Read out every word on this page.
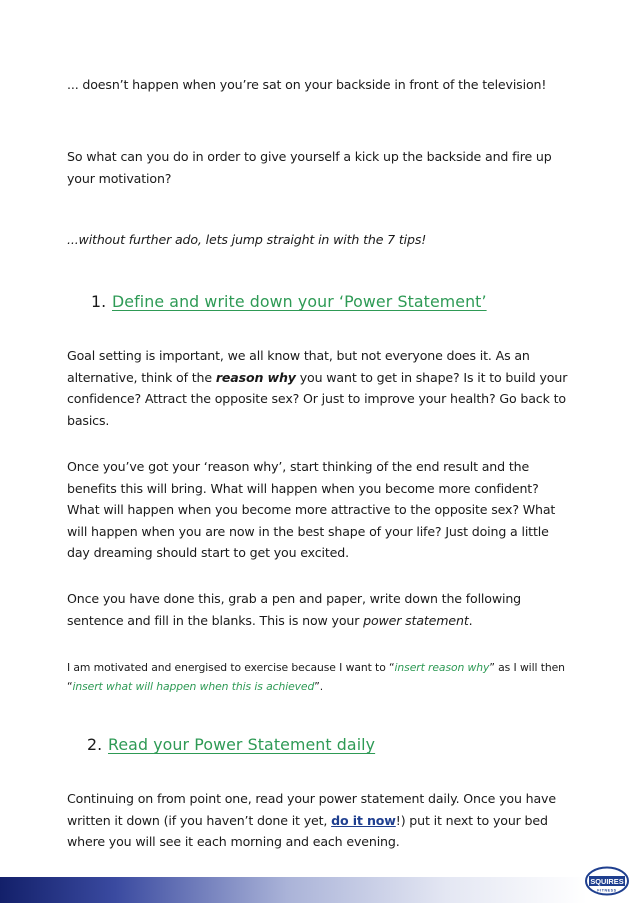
... doesn’t happen when you’re sat on your backside in front of the television!

So what can you do in order to give yourself a kick up the backside and fire up your motivation?

...without further ado, lets jump straight in with the 7 tips!

1. Define and write down your ‘Power Statement’

Goal setting is important, we all know that, but not everyone does it. As an alternative, think of the reason why you want to get in shape? Is it to build your confidence? Attract the opposite sex? Or just to improve your health? Go back to basics.

Once you’ve got your ‘reason why’, start thinking of the end result and the benefits this will bring. What will happen when you become more confident? What will happen when you become more attractive to the opposite sex? What will happen when you are now in the best shape of your life? Just doing a little day dreaming should start to get you excited.

Once you have done this, grab a pen and paper, write down the following sentence and fill in the blanks. This is now your power statement.

I am motivated and energised to exercise because I want to “insert reason why” as I will then “insert what will happen when this is achieved”.

2. Read your Power Statement daily

Continuing on from point one, read your power statement daily. Once you have written it down (if you haven’t done it yet, do it now!) put it next to your bed where you will see it each morning and each evening.

SQUIRES
FITNESS
